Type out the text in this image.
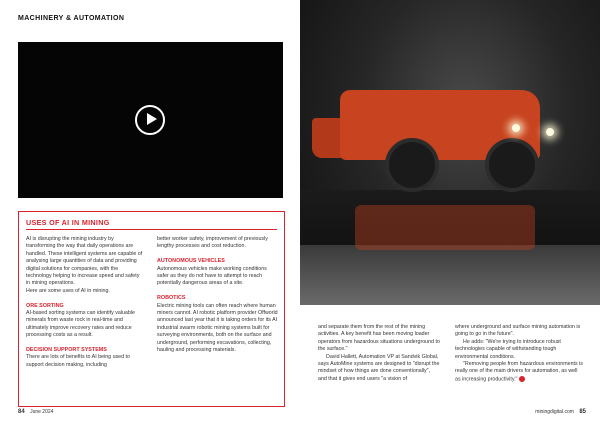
MACHINERY & AUTOMATION
USES OF AI IN MINING

AI is disrupting the mining industry by transforming the way that daily operations are handled. These intelligent systems are capable of analysing large quantities of data and providing digital solutions for companies, with the technology helping to increase speed and safety in mining operations.

Here are some uses of AI in mining.

ORE SORTING

AI-based sorting systems can identify valuable minerals from waste rock in real-time and ultimately improve recovery rates and reduce processing costs as a result.

DECISION SUPPORT SYSTEMS

There are lots of benefits to AI being used to support decision making, including

better worker safety, improvement of previously lengthy processes and cost reduction.

AUTONOMOUS VEHICLES

Autonomous vehicles make working conditions safer as they do not have to attempt to reach potentially dangerous areas of a site.

ROBOTICS

Electric mining tools can often reach where human miners cannot. AI robotic platform provider Offworld announced last year that it is taking orders for its AI industrial swarm robotic mining systems built for surveying environments, both on the surface and underground, performing excavations, collecting, hauling and processing materials.

and separate them from the rest of the mining activities. A key benefit has been moving loader operators from hazardous situations underground to the surface."

David Hallett, Automation VP at Sandvik Global, says AutoMine systems are designed to "disrupt the mindset of how things are done conventionally", and that it gives end users "a vision of

where underground and surface mining automation is going to go in the future".

He adds: "We're trying to introduce robust technologies capable of withstanding tough environmental conditions.

"Removing people from hazardous environments is really one of the main drivers for automation, as well as increasing productivity."

84 June 2024	miningdigital.com 85
